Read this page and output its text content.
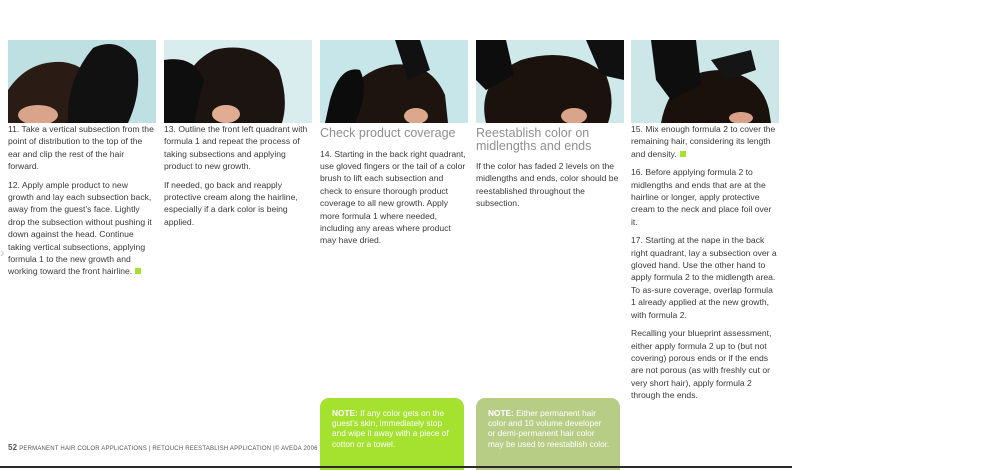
›

11. Take a vertical subsection from the point of distribution to the top of the ear and clip the rest of the hair forward.

12. Apply ample product to new growth and lay each subsection back, away from the guest’s face. Lightly drop the subsection without pushing it down against the head. Continue taking vertical subsections, applying formula 1 to the new growth and working toward the front hairline.

13. Outline the front left quadrant with formula 1 and repeat the process of taking subsections and applying product to new growth.

If needed, go back and reapply protective cream along the hairline, especially if a dark color is being applied.

Check product coverage

14. Starting in the back right quadrant, use gloved fingers or the tail of a color brush to lift each subsection and check to ensure thorough product coverage to all new growth. Apply more formula 1 where needed, including any areas where product may have dried.

Reestablish color on midlengths and ends

If the color has faded 2 levels on the midlengths and ends, color should be reestablished throughout the subsection.

15. Mix enough formula 2 to cover the remaining hair, considering its length and density.

16. Before applying formula 2 to midlengths and ends that are at the hairline or longer, apply protective cream to the neck and place foil over it.

17. Starting at the nape in the back right quadrant, lay a subsection over a gloved hand. Use the other hand to apply formula 2 to the midlength area. To as-sure coverage, overlap formula 1 already applied at the new growth, with formula 2.

Recalling your blueprint assessment, either apply formula 2 up to (but not covering) porous ends or if the ends are not porous (as with freshly cut or very short hair), apply formula 2 through the ends.

NOTE: If any color gets on the guest’s skin, immediately stop and wipe it away with a piece of cotton or a towel.
NOTE: Either permanent hair color and 10 volume developer or demi-permanent hair color may be used to reestablish color.
52 PERMANENT HAIR COLOR APPLICATIONS | RETOUCH REESTABLISH APPLICATION |© AVEDA 2006
